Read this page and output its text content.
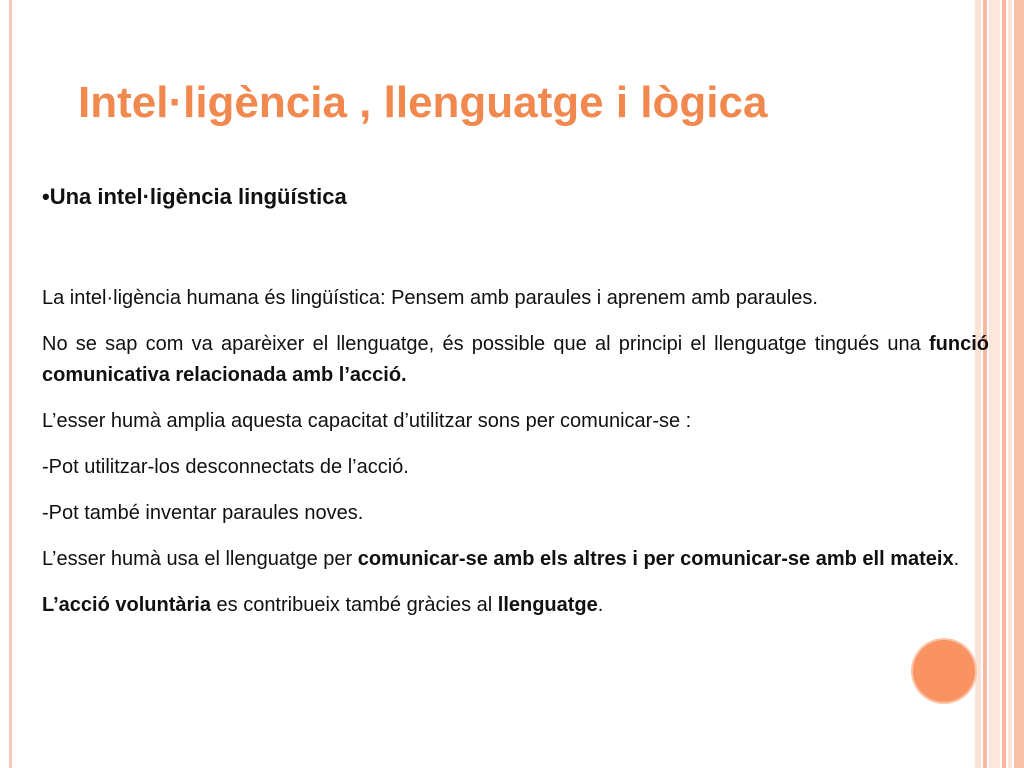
Intel·ligència , llenguatge i lògica
•Una intel·ligència lingüística

La intel·ligència humana és lingüística: Pensem amb paraules i aprenem amb paraules.

No se sap com va aparèixer el llenguatge, és possible que al principi el llenguatge tingués una funció comunicativa relacionada amb l’acció.

L’esser humà amplia aquesta capacitat d’utilitzar sons per comunicar-se :

-Pot utilitzar-los desconnectats de l’acció.

-Pot també inventar paraules noves.

L’esser humà usa el llenguatge per comunicar-se amb els altres i per comunicar-se amb ell mateix.

L’acció voluntària es contribueix també gràcies al llenguatge.
